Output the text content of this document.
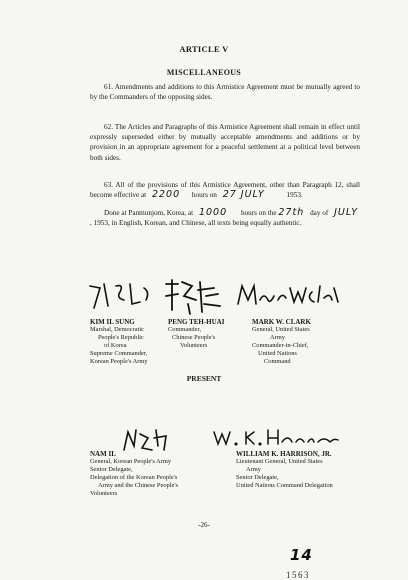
ARTICLE V
MISCELLANEOUS
61. Amendments and additions to this Armistice Agreement must be mutually agreed to by the Commanders of the opposing sides.
62. The Articles and Paragraphs of this Armistice Agreement shall remain in effect until expressly superseded either by mutually acceptable amendments and additions or by provision in an appropriate agreement for a peaceful settlement at a political level between both sides.
63. All of the provisions of this Armistice Agreement, other than Paragraph 12, shall become effective at 2200 hours on 27 JULY	1953.
Done at Panmunjom, Korea, at 1000 hours on the 27th day of JULY , 1953, in English, Korean, and Chinese, all texts being equally authentic.
KIM IL SUNG
Marshal, Democratic
People's Republic
of Korea
Supreme Commander,
Korean People's Army
PENG TEH-HUAI
Commander,
Chinese People's
Volunteers
MARK W. CLARK
General, United States
Army
Commander-in-Chief,
United Nations
Command
PRESENT
NAM IL
General, Korean People's Army
Senior Delegate,
Delegation of the Korean People's
Army and the Chinese People's
Volunteers
WILLIAM K. HARRISON, JR.
Lieutenant General, United States
Army
Senior Delegate,
United Nations Command Delegation
-26-
14
1563
